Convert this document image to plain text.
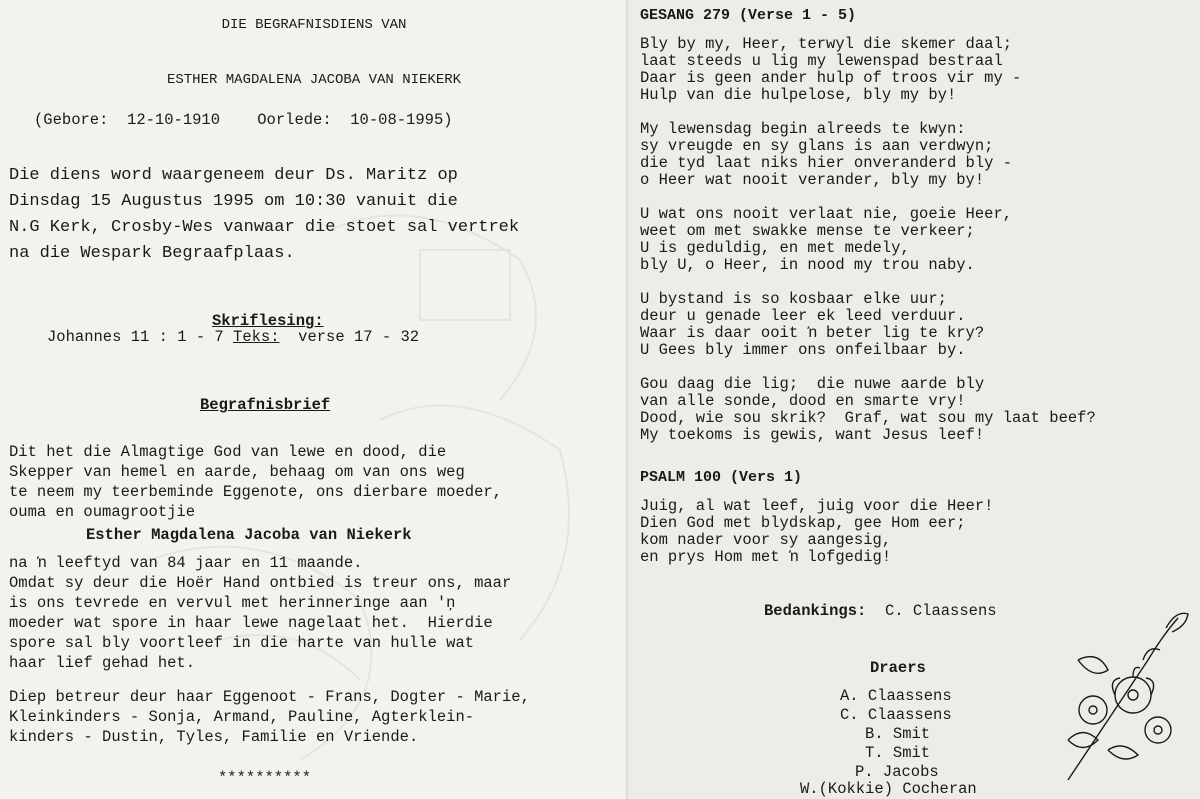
DIE BEGRAFNISDIENS VAN
ESTHER MAGDALENA JACOBA VAN NIEKERK
(Gebore:  12-10-1910    Oorlede:  10-08-1995)
Die diens word waargeneem deur Ds. Maritz op
Dinsdag 15 Augustus 1995 om 10:30 vanuit die
N.G Kerk, Crosby-Wes vanwaar die stoet sal vertrek
na die Wespark Begraafplaas.
Skriflesing:
Johannes 11 : 1 - 7 Teks:  verse 17 - 32
Begrafnisbrief
Dit het die Almagtige God van lewe en dood, die
Skepper van hemel en aarde, behaag om van ons weg
te neem my teerbeminde Eggenote, ons dierbare moeder,
ouma en oumagrootjie
Esther Magdalena Jacoba van Niekerk
na ŉ leeftyd van 84 jaar en 11 maande.
Omdat sy deur die Hoër Hand ontbied is treur ons, maar
is ons tevrede en vervul met herinneringe aan 'ņ
moeder wat spore in haar lewe nagelaat het.  Hierdie
spore sal bly voortleef in die harte van hulle wat
haar lief gehad het.
Diep betreur deur haar Eggenoot - Frans, Dogter - Marie,
Kleinkinders - Sonja, Armand, Pauline, Agterklein-
kinders - Dustin, Tyles, Familie en Vriende.
**********
GESANG 279 (Verse 1 - 5)
Bly by my, Heer, terwyl die skemer daal;
laat steeds u lig my lewenspad bestraal
Daar is geen ander hulp of troos vir my -
Hulp van die hulpelose, bly my by!
My lewensdag begin alreeds te kwyn:
sy vreugde en sy glans is aan verdwyn;
die tyd laat niks hier onveranderd bly -
o Heer wat nooit verander, bly my by!
U wat ons nooit verlaat nie, goeie Heer,
weet om met swakke mense te verkeer;
U is geduldig, en met medely,
bly U, o Heer, in nood my trou naby.
U bystand is so kosbaar elke uur;
deur u genade leer ek leed verduur.
Waar is daar ooit ŉ beter lig te kry?
U Gees bly immer ons onfeilbaar by.
Gou daag die lig;  die nuwe aarde bly
van alle sonde, dood en smarte vry!
Dood, wie sou skrik?  Graf, wat sou my laat beef?
My toekoms is gewis, want Jesus leef!
PSALM 100 (Vers 1)
Juig, al wat leef, juig voor die Heer!
Dien God met blydskap, gee Hom eer;
kom nader voor sy aangesig,
en prys Hom met ŉ lofgedig!
Bedankings: C. Claassens
Draers
A. Claassens
C. Claassens
B. Smit
T. Smit
P. Jacobs
W.(Kokkie) Cocheran
